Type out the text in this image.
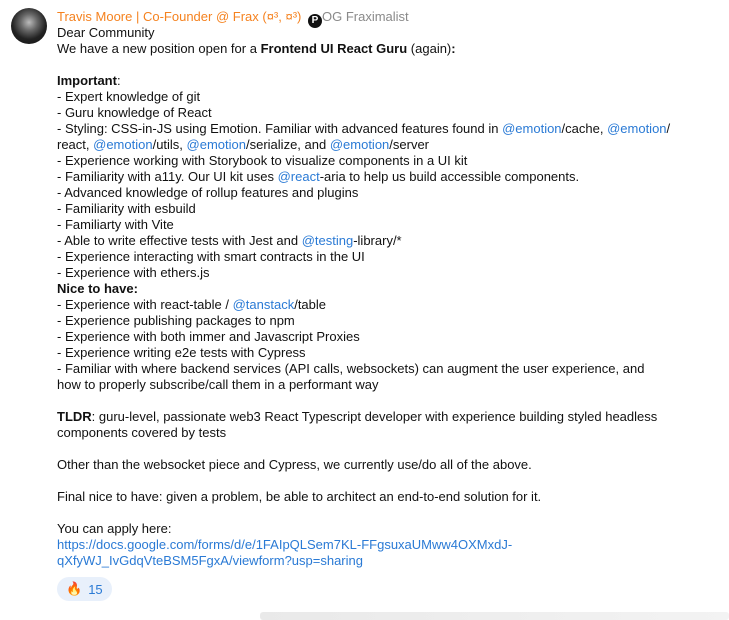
Travis Moore | Co-Founder @ Frax (¤³, ¤³) P OG Fraximalist
Dear Community
We have a new position open for a Frontend UI React Guru (again):
Important:
- Expert knowledge of git
- Guru knowledge of React
- Styling: CSS-in-JS using Emotion. Familiar with advanced features found in @emotion/cache, @emotion/
react, @emotion/utils, @emotion/serialize, and @emotion/server
- Experience working with Storybook to visualize components in a UI kit
- Familiarity with a11y. Our UI kit uses @react-aria to help us build accessible components.
- Advanced knowledge of rollup features and plugins
- Familiarity with esbuild
- Familiarty with Vite
- Able to write effective tests with Jest and @testing-library/*
- Experience interacting with smart contracts in the UI
- Experience with ethers.js
Nice to have:
- Experience with react-table / @tanstack/table
- Experience publishing packages to npm
- Experience with both immer and Javascript Proxies
- Experience writing e2e tests with Cypress
- Familiar with where backend services (API calls, websockets) can augment the user experience, and
how to properly subscribe/call them in a performant way
TLDR: guru-level, passionate web3 React Typescript developer with experience building styled headless
components covered by tests
Other than the websocket piece and Cypress, we currently use/do all of the above.
Final nice to have: given a problem, be able to architect an end-to-end solution for it.
You can apply here:
https://docs.google.com/forms/d/e/1FAIpQLSem7KL-FFgsuxaUMww4OXMxdJ-
qXfyWJ_IvGdqVteBSM5FgxA/viewform?usp=sharing
🔥 15
